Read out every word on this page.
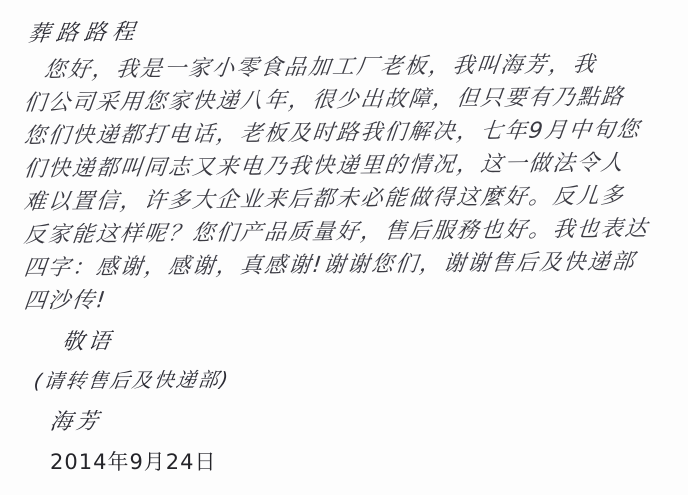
葬路路程
您好，我是一家小零食品加工厂老板，我叫海芳，我
们公司采用您家快递八年，很少出故障，但只要有乃點路
您们快递都打电话，老板及时路我们解决，七年9月中旬您
们快递都叫同志又来电乃我快递里的情况，这一做法令人
难以置信，许多大企业来后都未必能做得这麼好。反儿多
反家能这样呢？您们产品质量好，售后服務也好。我也表达
四字：感谢，感谢，真感谢!谢谢您们，谢谢售后及快递部
四沙传!
敬语
(请转售后及快递部)
海芳
2014年9月24日
